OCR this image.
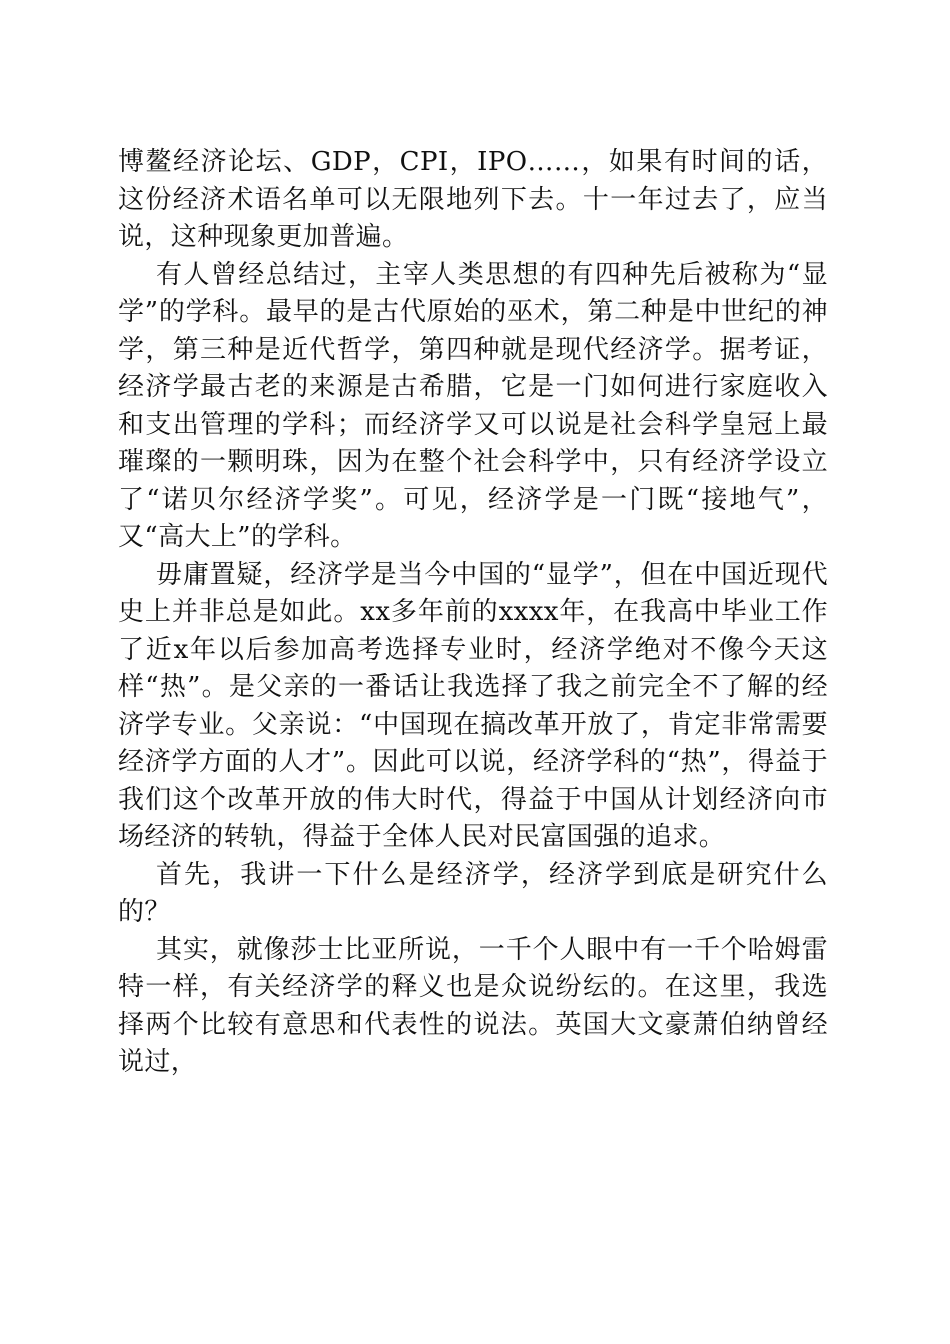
博鳌经济论坛、GDP，CPI，IPO……，如果有时间的话，这份经济术语名单可以无限地列下去。十一年过去了，应当说，这种现象更加普遍。

有人曾经总结过，主宰人类思想的有四种先后被称为“显学”的学科。最早的是古代原始的巫术，第二种是中世纪的神学，第三种是近代哲学，第四种就是现代经济学。据考证，经济学最古老的来源是古希腊，它是一门如何进行家庭收入和支出管理的学科；而经济学又可以说是社会科学皇冠上最璀璨的一颗明珠，因为在整个社会科学中，只有经济学设立了“诺贝尔经济学奖”。可见，经济学是一门既“接地气”，又“高大上”的学科。

毋庸置疑，经济学是当今中国的“显学”，但在中国近现代史上并非总是如此。xx多年前的xxxx年，在我高中毕业工作了近x年以后参加高考选择专业时，经济学绝对不像今天这样“热”。是父亲的一番话让我选择了我之前完全不了解的经济学专业。父亲说：“中国现在搞改革开放了，肯定非常需要经济学方面的人才”。因此可以说，经济学科的“热”，得益于我们这个改革开放的伟大时代，得益于中国从计划经济向市场经济的转轨，得益于全体人民对民富国强的追求。

首先，我讲一下什么是经济学，经济学到底是研究什么的？

其实，就像莎士比亚所说，一千个人眼中有一千个哈姆雷特一样，有关经济学的释义也是众说纷纭的。在这里，我选择两个比较有意思和代表性的说法。英国大文豪萧伯纳曾经说过，
